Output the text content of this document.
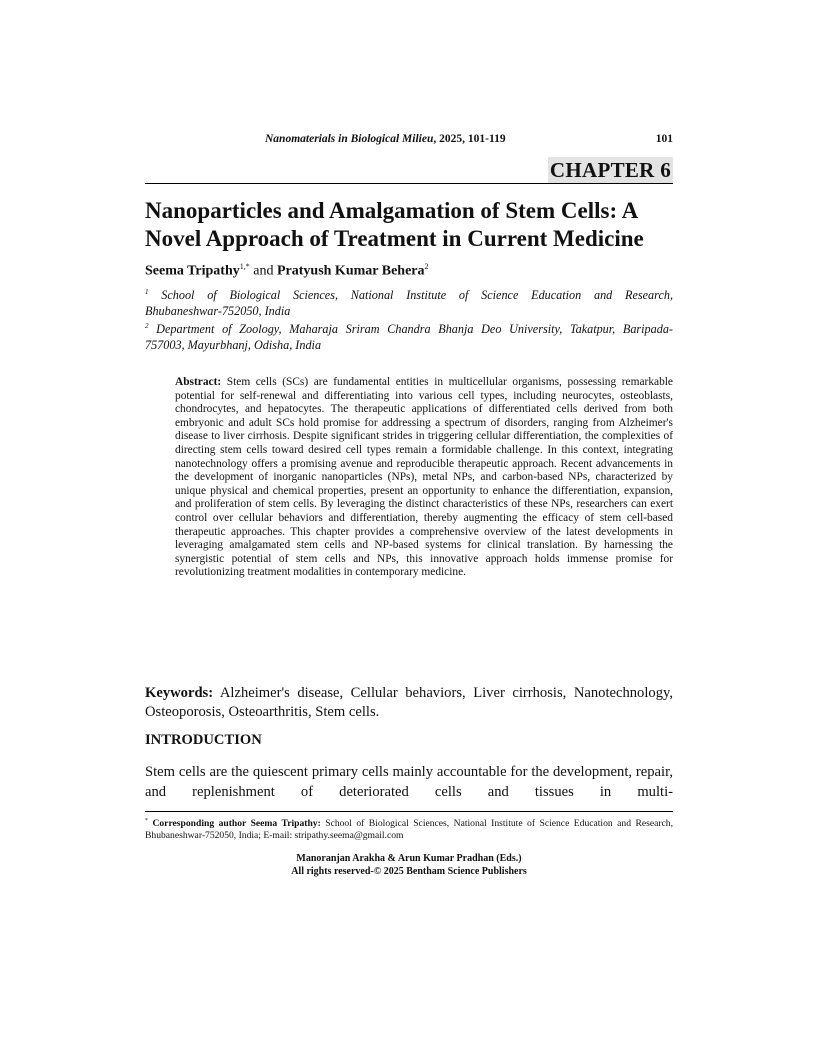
Nanomaterials in Biological Milieu, 2025, 101-119	101
CHAPTER 6
Nanoparticles and Amalgamation of Stem Cells: A
Novel Approach of Treatment in Current Medicine
Seema Tripathy$^{1,*}$ and Pratyush Kumar Behera$^2$
$^1$ School of Biological Sciences, National Institute of Science Education and Research,
Bhubaneshwar-752050, India
$^2$ Department of Zoology, Maharaja Sriram Chandra Bhanja Deo University, Takatpur, Baripada-
757003, Mayurbhanj, Odisha, India
Abstract: Stem cells (SCs) are fundamental entities in multicellular organisms, possessing remarkable potential for self-renewal and differentiating into various cell types, including neurocytes, osteoblasts, chondrocytes, and hepatocytes. The therapeutic applications of differentiated cells derived from both embryonic and adult SCs hold promise for addressing a spectrum of disorders, ranging from Alzheimer's disease to liver cirrhosis. Despite significant strides in triggering cellular differentiation, the complexities of directing stem cells toward desired cell types remain a formidable challenge. In this context, integrating nanotechnology offers a promising avenue and reproducible therapeutic approach. Recent advancements in the development of inorganic nanoparticles (NPs), metal NPs, and carbon-based NPs, characterized by unique physical and chemical properties, present an opportunity to enhance the differentiation, expansion, and proliferation of stem cells. By leveraging the distinct characteristics of these NPs, researchers can exert control over cellular behaviors and differentiation, thereby augmenting the efficacy of stem cell-based therapeutic approaches. This chapter provides a comprehensive overview of the latest developments in leveraging amalgamated stem cells and NP-based systems for clinical translation. By harnessing the synergistic potential of stem cells and NPs, this innovative approach holds immense promise for revolutionizing treatment modalities in contemporary medicine.
Keywords: Alzheimer's disease, Cellular behaviors, Liver cirrhosis, Nanotechnology, Osteoporosis, Osteoarthritis, Stem cells.
INTRODUCTION
Stem cells are the quiescent primary cells mainly accountable for the development, repair, and replenishment of deteriorated cells and tissues in multi-
* Corresponding author Seema Tripathy: School of Biological Sciences, National Institute of Science Education and Research, Bhubaneshwar-752050, India; E-mail: stripathy.seema@gmail.com
Manoranjan Arakha & Arun Kumar Pradhan (Eds.)
All rights reserved-© 2025 Bentham Science Publishers
